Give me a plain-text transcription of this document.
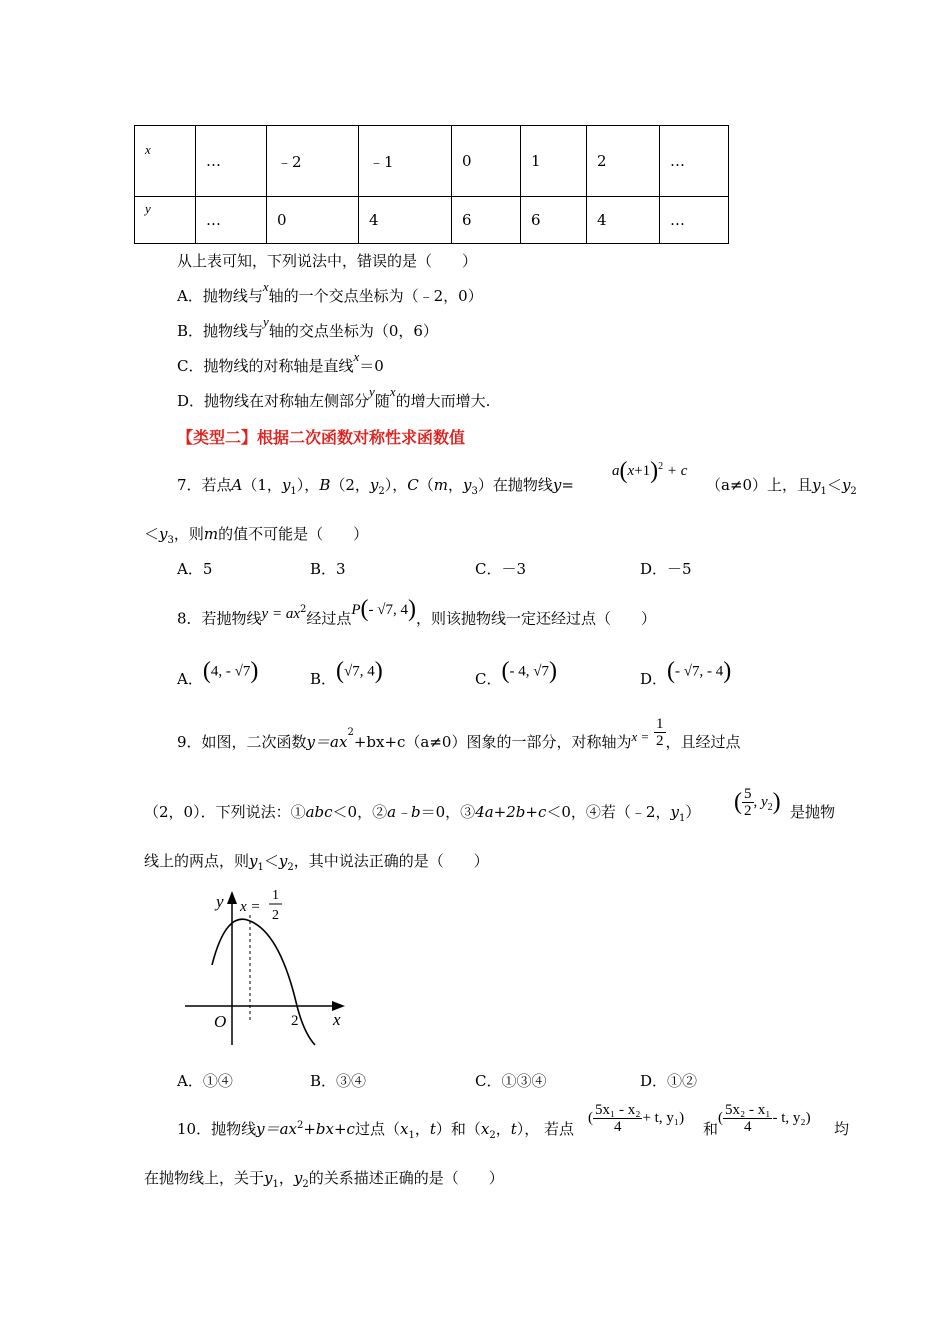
x	…	﹣2	﹣1	0	1	2	…
y	…	0	4	6	6	4	…
从上表可知，下列说法中，错误的是（　　）
A．抛物线与x轴的一个交点坐标为（﹣2，0）
B．抛物线与y轴的交点坐标为（0，6）
C．抛物线的对称轴是直线x＝0
D．抛物线在对称轴左侧部分y随x的增大而增大.
【类型二】根据二次函数对称性求函数值
7．若点A（1，$y_1$），B（2，$y_2$），C（m，$y_3$）在抛物线y=
$a(x+1)^2 + c$
（a≠0）上，且$y_1<y_2$
$<y_3$，则m的值不可能是（　　）
A．5	B．3	C．－3	D．－5
8．若抛物线$y = ax^2$经过点P(- √7, 4)，则该抛物线一定还经过点（　　）
A．(4, - √7)	B．(√7, 4)	C．(- 4, √7)	D．(- √7, - 4)
9．如图，二次函数$y=ax^2+bx+c(a\ne 0)$图象的一部分，对称轴为$x = \frac{1}{2}$ ，且经过点
（2，0）．下列说法：①abc＜0，②a﹣b＝0，③4a+2b+c＜0，④若（﹣2，$y_1$） ( $\frac{5}{2}$ , $y_2$) 是抛物
线上的两点，则$y_1<y_2$，其中说法正确的是（　　）
y
x
O	2
x =
1
2
A．①④	B．③④	C．①③④	D．①②
10．抛物线$y=ax^2+bx+c$过点（$x_1$，t）和（$x_2$，t）， 若点
( $\frac{\text{5x₁ - x₂}}{4} + t$, y₁)
和
( $\frac{\text{5x₂ - x₁}}{4}$ - t, y₂)
均
在抛物线上，关于$y_1$，$y_2$的关系描述正确的是（　　）
